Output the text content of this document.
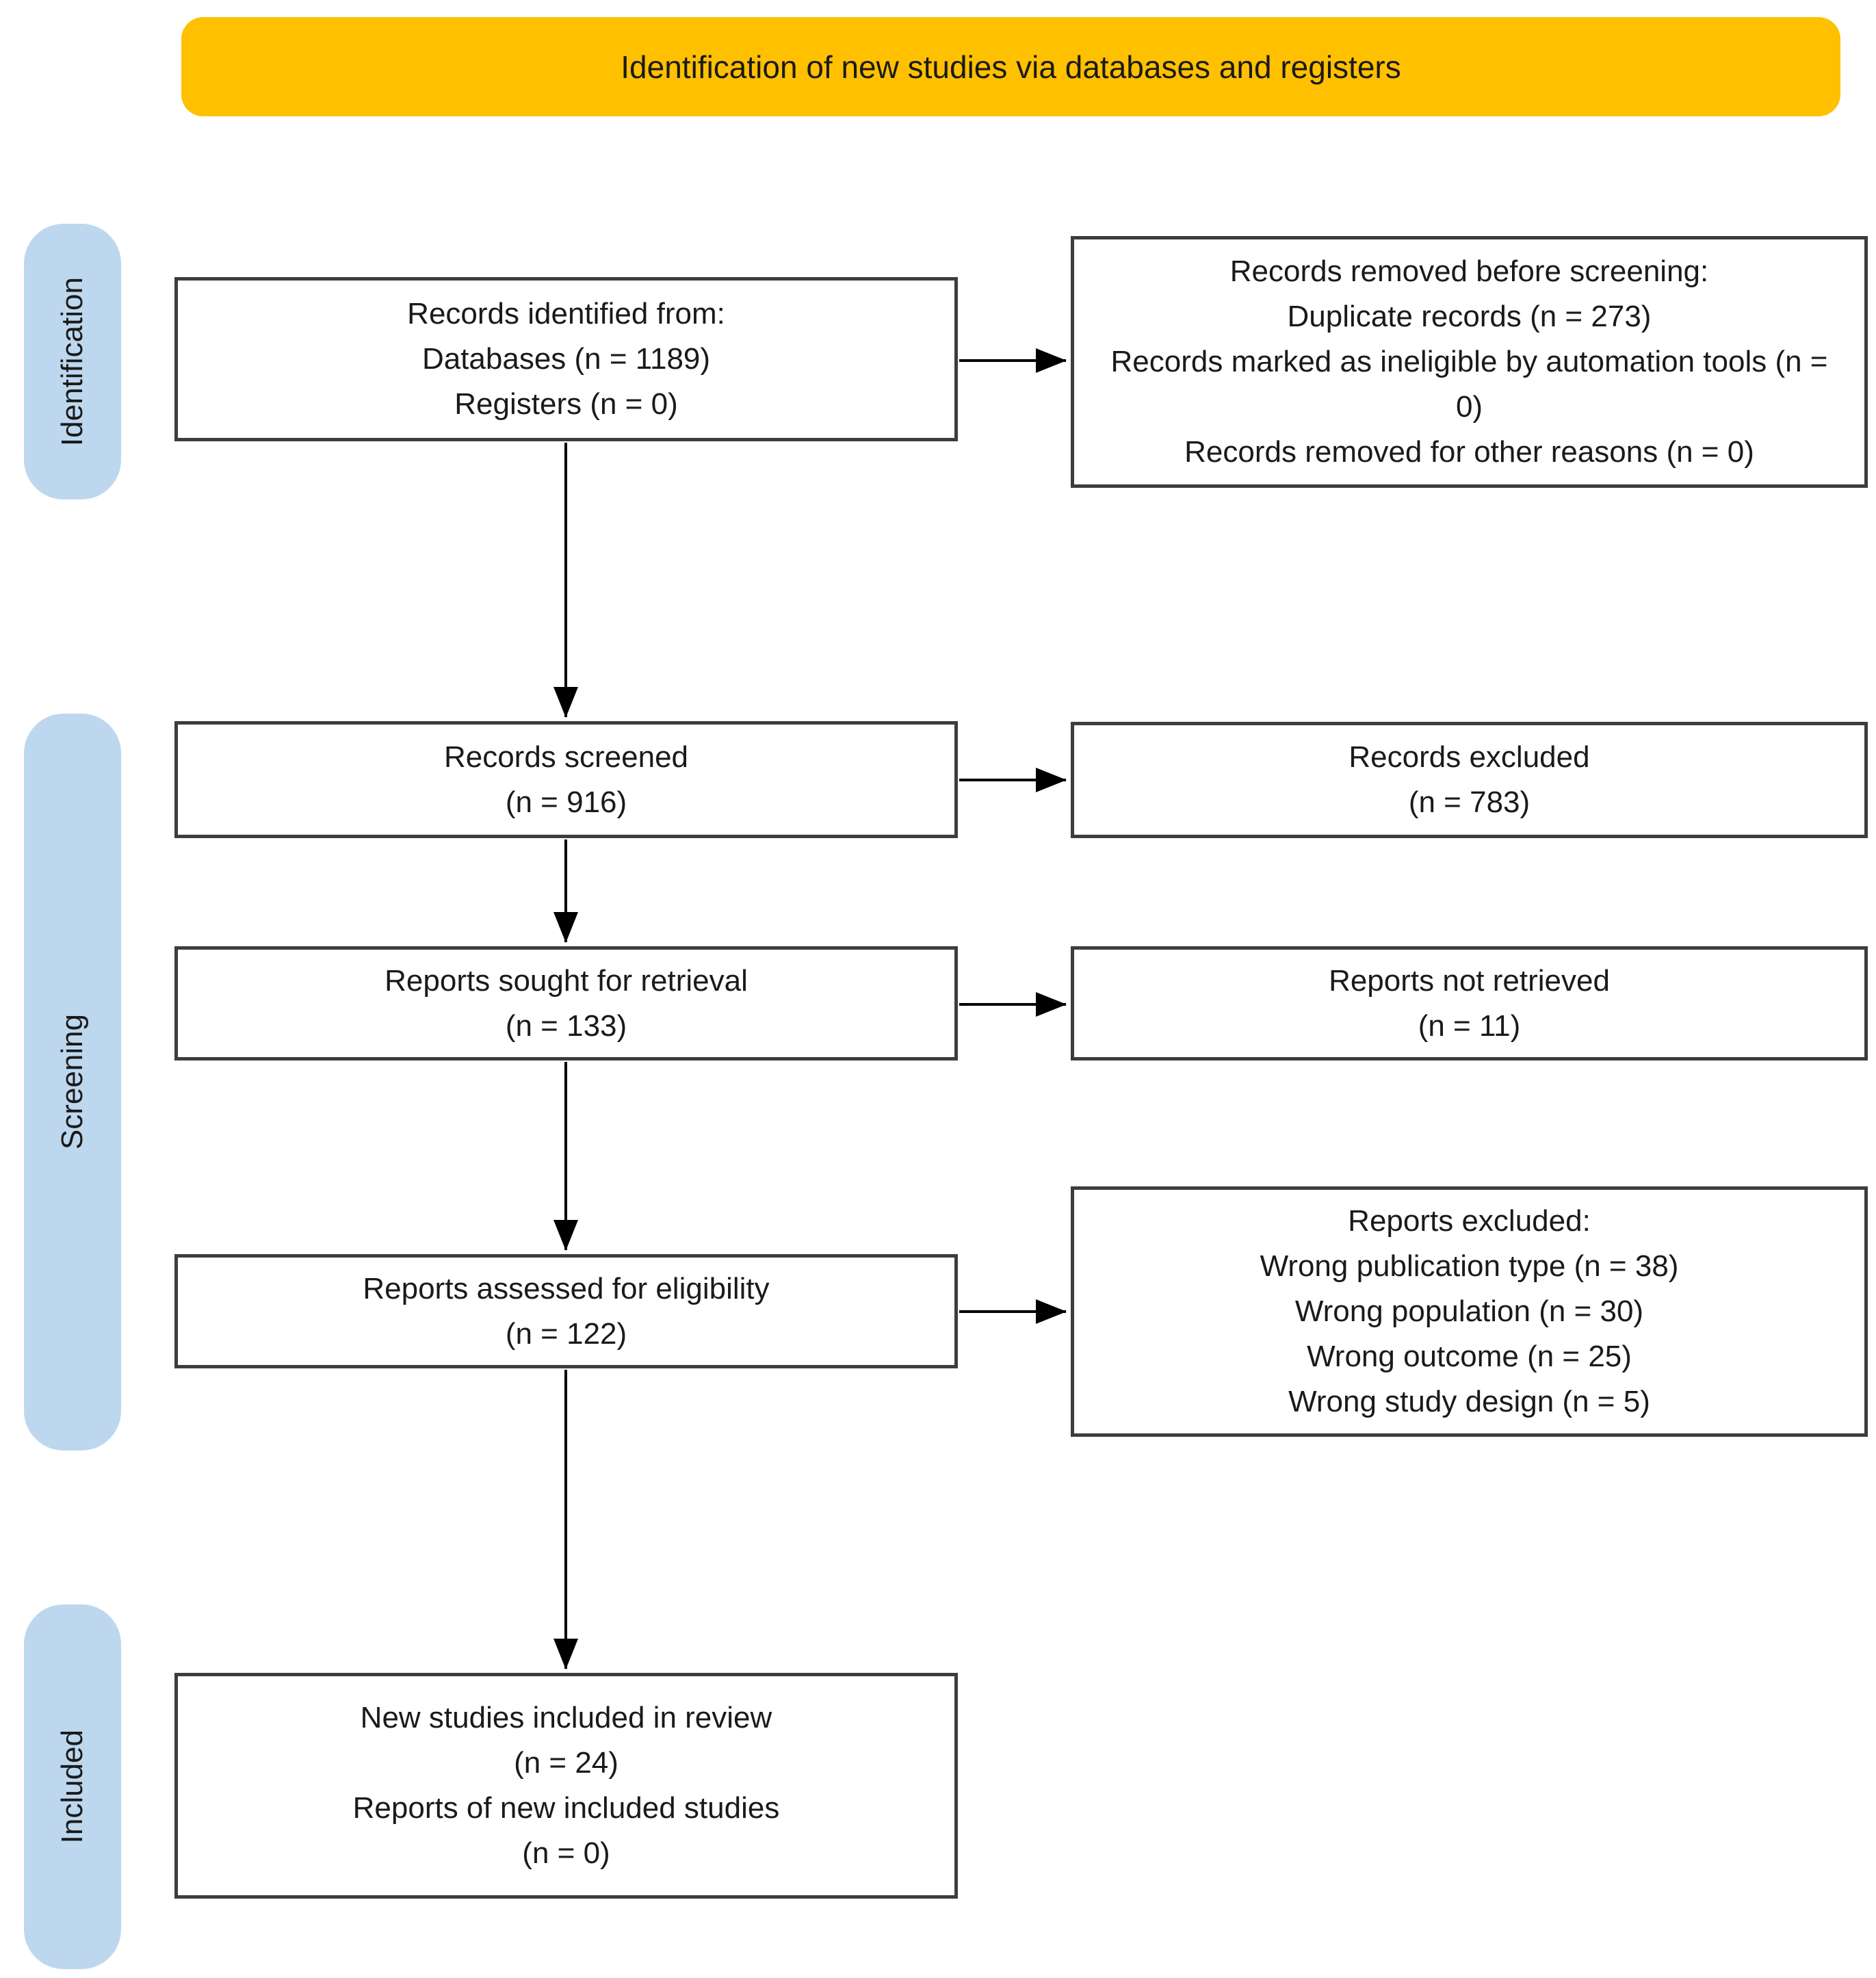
Identification of new studies via databases and registers
Identification
Screening
Included
Records identified from:
Databases (n = 1189)
Registers (n = 0)
Records removed before screening:
Duplicate records (n = 273)
Records marked as ineligible by automation tools (n = 0)
Records removed for other reasons (n = 0)
Records screened
(n = 916)
Records excluded
(n = 783)
Reports sought for retrieval
(n = 133)
Reports not retrieved
(n = 11)
Reports assessed for eligibility
(n = 122)
Reports excluded:
Wrong publication type (n = 38)
Wrong population (n = 30)
Wrong outcome (n = 25)
Wrong study design (n = 5)
New studies included in review
(n = 24)
Reports of new included studies
(n = 0)
